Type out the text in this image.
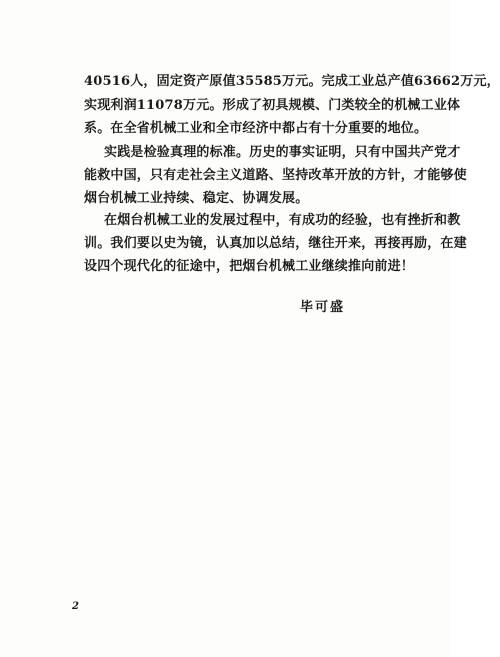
40516人，固定资产原值35585万元。完成工业总产值63662万元，
实现利润11078万元。形成了初具规模、门类较全的机械工业体
系。在全省机械工业和全市经济中都占有十分重要的地位。
实践是检验真理的标准。历史的事实证明，只有中国共产党才
能救中国，只有走社会主义道路、坚持改革开放的方针，才能够使
烟台机械工业持续、稳定、协调发展。
在烟台机械工业的发展过程中，有成功的经验，也有挫折和教
训。我们要以史为镜，认真加以总结，继往开来，再接再励，在建
设四个现代化的征途中，把烟台机械工业继续推向前进！
毕可盛
2
